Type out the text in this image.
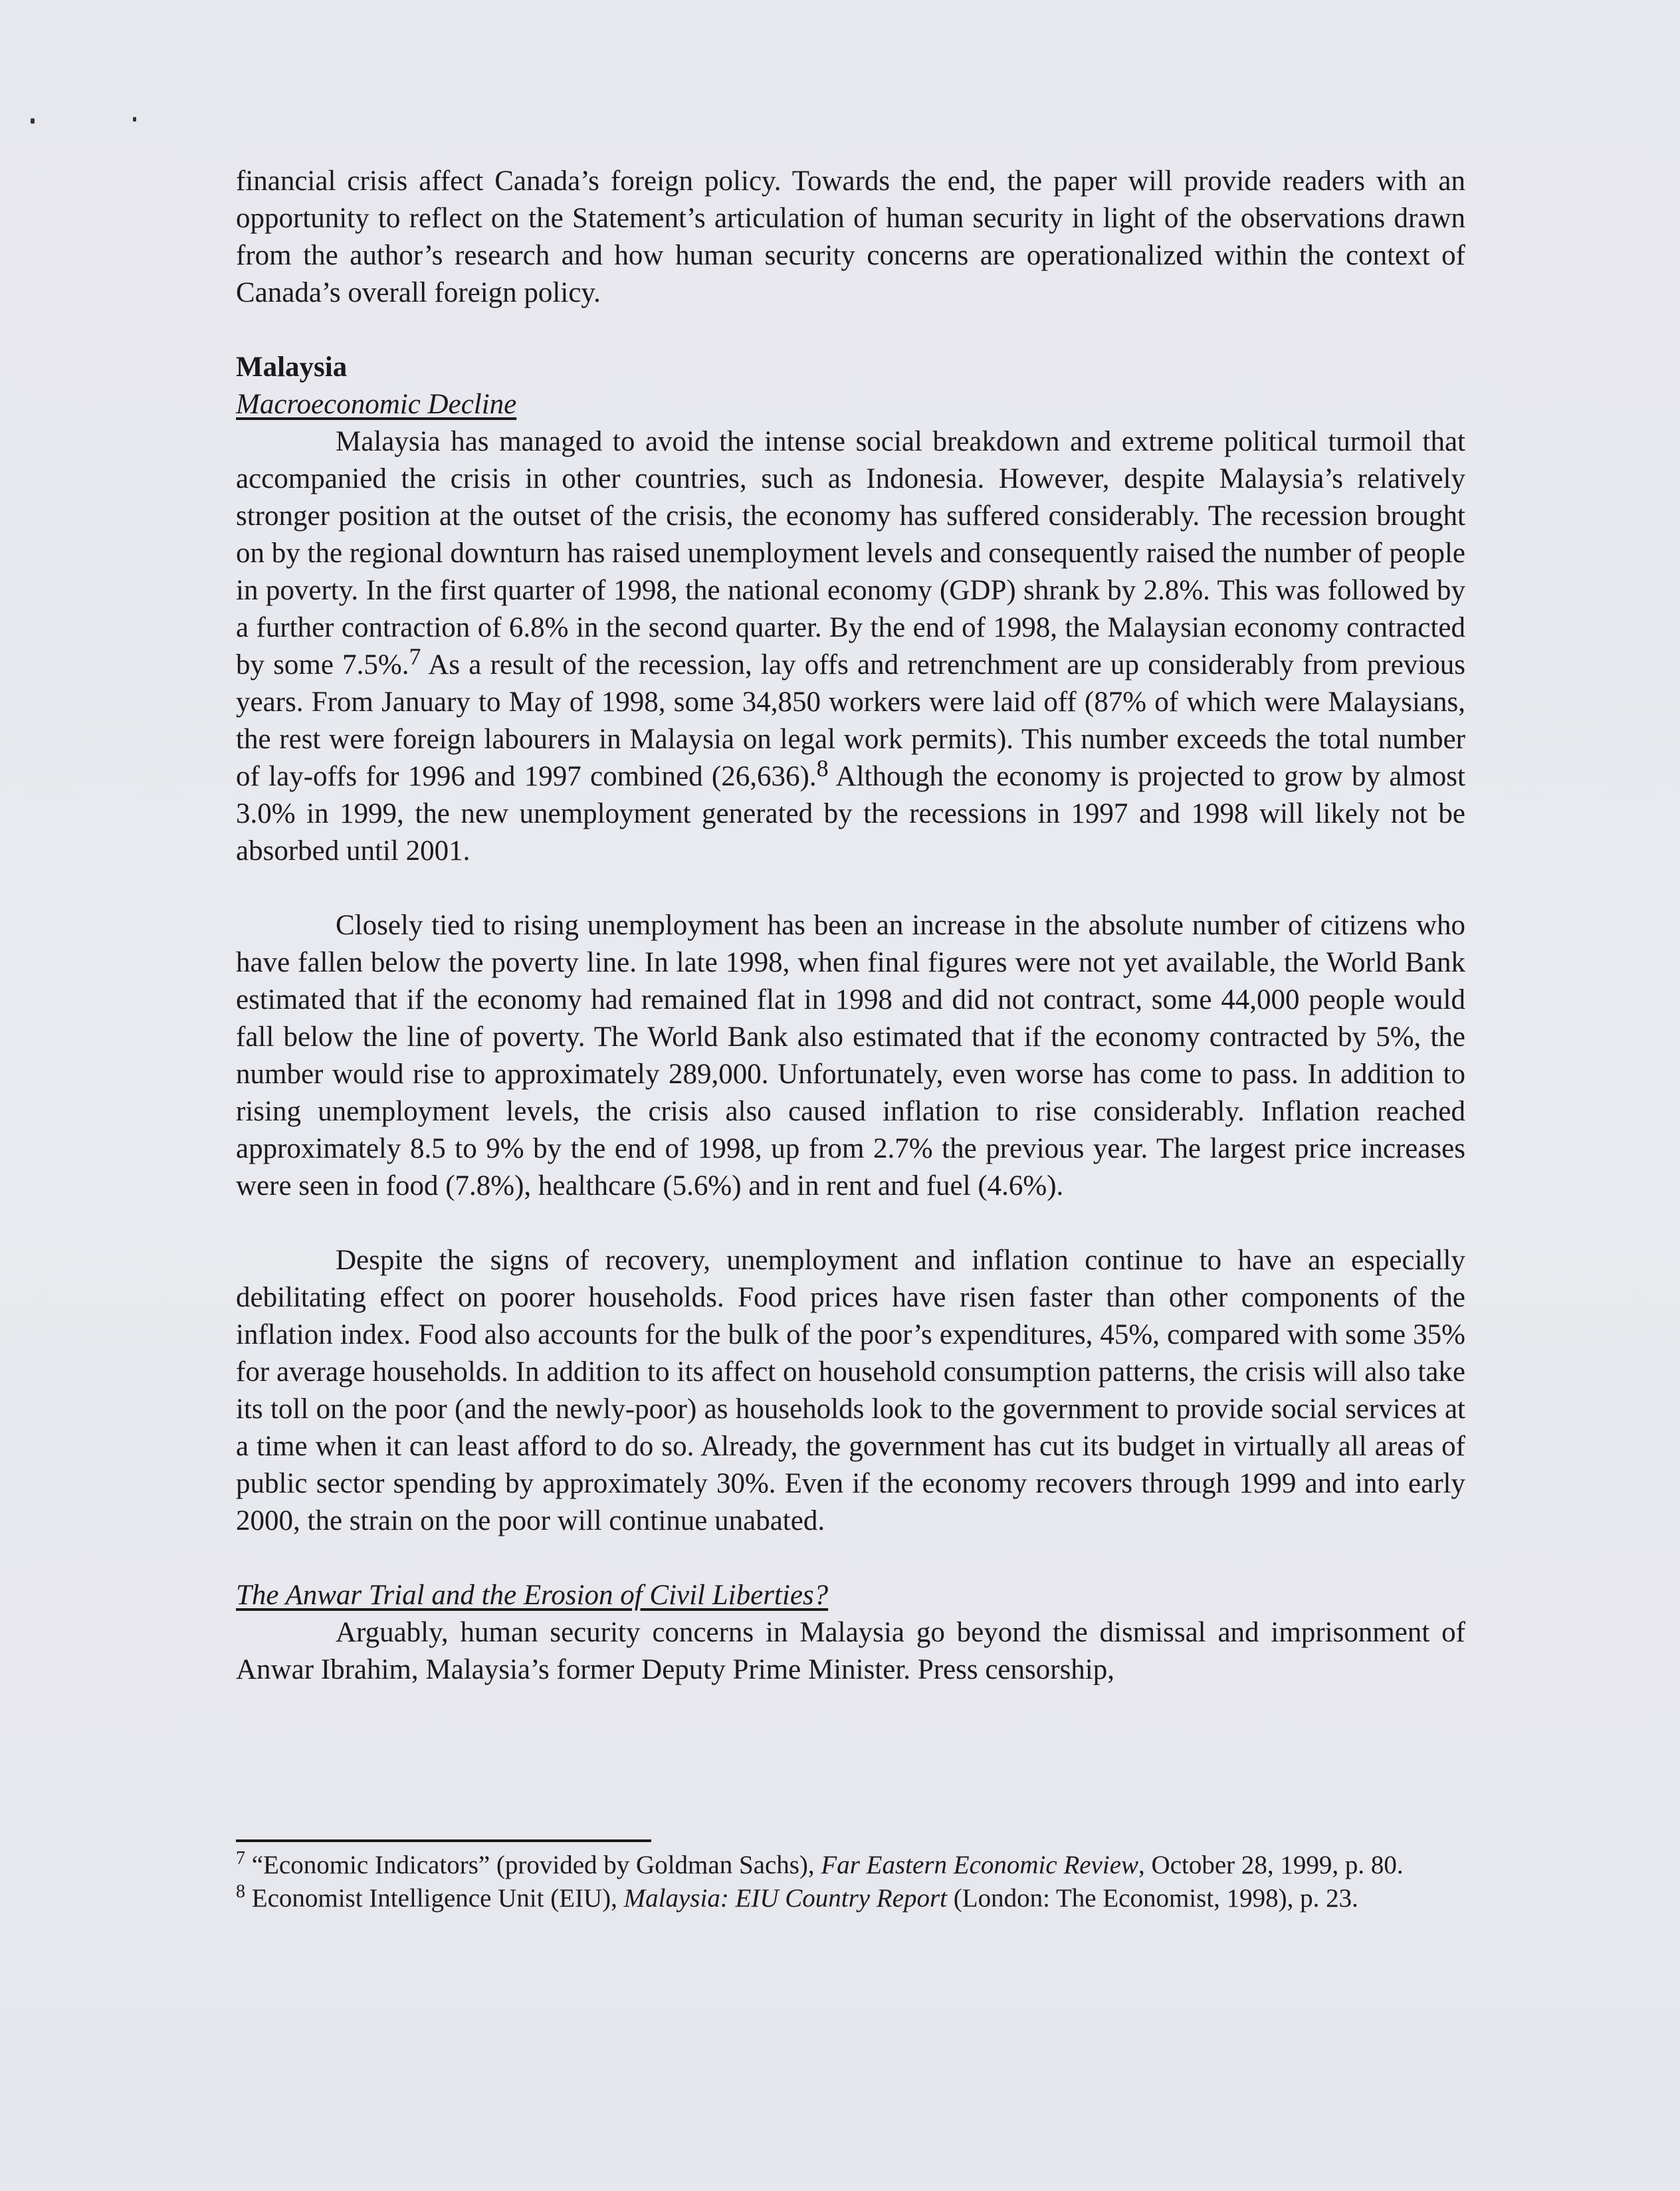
financial crisis affect Canada’s foreign policy. Towards the end, the paper will provide readers with an opportunity to reflect on the Statement’s articulation of human security in light of the observations drawn from the author’s research and how human security concerns are operationalized within the context of Canada’s overall foreign policy.

Malaysia

Macroeconomic Decline

Malaysia has managed to avoid the intense social breakdown and extreme political turmoil that accompanied the crisis in other countries, such as Indonesia. However, despite Malaysia’s relatively stronger position at the outset of the crisis, the economy has suffered considerably. The recession brought on by the regional downturn has raised unemployment levels and consequently raised the number of people in poverty. In the first quarter of 1998, the national economy (GDP) shrank by 2.8%. This was followed by a further contraction of 6.8% in the second quarter. By the end of 1998, the Malaysian economy contracted by some 7.5%.$^7$ As a result of the recession, lay offs and retrenchment are up considerably from previous years. From January to May of 1998, some 34,850 workers were laid off (87% of which were Malaysians, the rest were foreign labourers in Malaysia on legal work permits). This number exceeds the total number of lay-offs for 1996 and 1997 combined (26,636).$^8$ Although the economy is projected to grow by almost 3.0% in 1999, the new unemployment generated by the recessions in 1997 and 1998 will likely not be absorbed until 2001.

Closely tied to rising unemployment has been an increase in the absolute number of citizens who have fallen below the poverty line. In late 1998, when final figures were not yet available, the World Bank estimated that if the economy had remained flat in 1998 and did not contract, some 44,000 people would fall below the line of poverty. The World Bank also estimated that if the economy contracted by 5%, the number would rise to approximately 289,000. Unfortunately, even worse has come to pass. In addition to rising unemployment levels, the crisis also caused inflation to rise considerably. Inflation reached approximately 8.5 to 9% by the end of 1998, up from 2.7% the previous year. The largest price increases were seen in food (7.8%), healthcare (5.6%) and in rent and fuel (4.6%).

Despite the signs of recovery, unemployment and inflation continue to have an especially debilitating effect on poorer households. Food prices have risen faster than other components of the inflation index. Food also accounts for the bulk of the poor’s expenditures, 45%, compared with some 35% for average households. In addition to its affect on household consumption patterns, the crisis will also take its toll on the poor (and the newly-poor) as households look to the government to provide social services at a time when it can least afford to do so. Already, the government has cut its budget in virtually all areas of public sector spending by approximately 30%. Even if the economy recovers through 1999 and into early 2000, the strain on the poor will continue unabated.

The Anwar Trial and the Erosion of Civil Liberties?

Arguably, human security concerns in Malaysia go beyond the dismissal and imprisonment of Anwar Ibrahim, Malaysia’s former Deputy Prime Minister. Press censorship,

$^7$ “Economic Indicators” (provided by Goldman Sachs), Far Eastern Economic Review, October 28, 1999, p. 80.

$^8$ Economist Intelligence Unit (EIU), Malaysia: EIU Country Report (London: The Economist, 1998), p. 23.
